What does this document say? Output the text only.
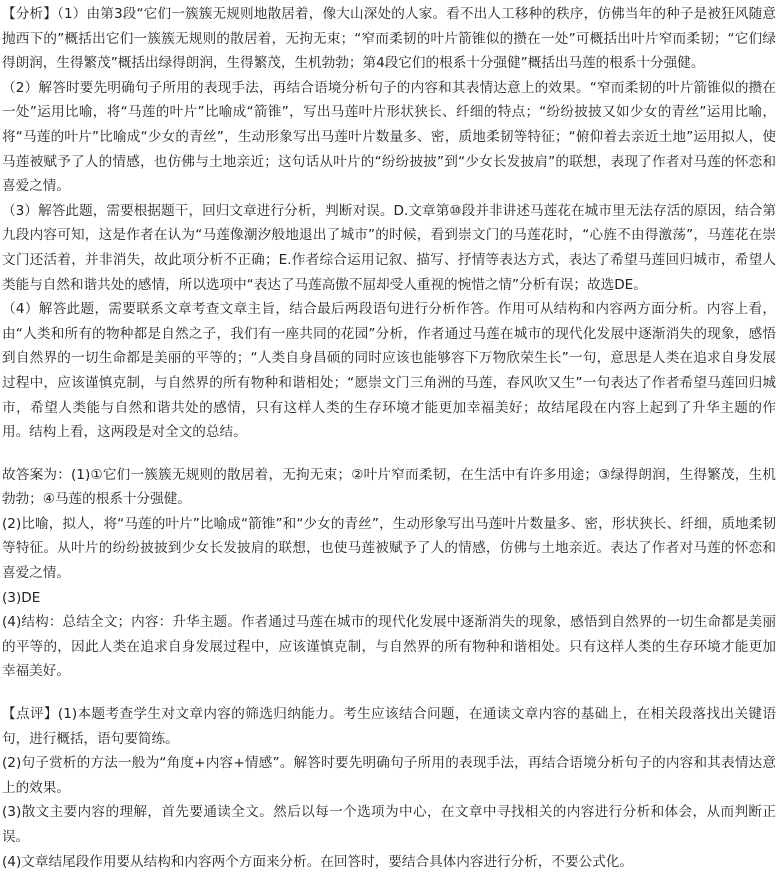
【分析】（1）由第3段“它们一簇簇无规则地散居着，像大山深处的人家。看不出人工移种的秩序，仿佛当年的种子是被狂风随意抛西下的”概括出它们一簇簇无规则的散居着，无拘无束；“窄而柔韧的叶片箭锥似的攒在一处”可概括出叶片窄而柔韧；“它们绿得朗润，生得繁茂”概括出绿得朗润，生得繁茂，生机勃勃；第4段它们的根系十分强健”概括出马莲的根系十分强健。

（2）解答时要先明确句子所用的表现手法，再结合语境分析句子的内容和其表情达意上的效果。“窄而柔韧的叶片箭锥似的攒在一处”运用比喻，将“马莲的叶片”比喻成“箭锥”，写出马莲叶片形状狭长、纤细的特点；“纷纷披披又如少女的青丝”运用比喻，将“马莲的叶片”比喻成“少女的青丝”，生动形象写出马莲叶片数量多、密，质地柔韧等特征；“俯仰着去亲近土地”运用拟人，使马莲被赋予了人的情感，也仿佛与土地亲近；这句话从叶片的“纷纷披披”到“少女长发披肩”的联想，表现了作者对马莲的怀恋和喜爱之情。

（3）解答此题，需要根据题干，回归文章进行分析，判断对误。D.文章第⑩段并非讲述马莲花在城市里无法存活的原因，结合第九段内容可知，这是作者在认为“马莲像潮汐般地退出了城市”的时候，看到崇文门的马莲花时，“心旌不由得激荡”，马莲花在崇文门还活着，并非消失，故此项分析不正确；E.作者综合运用记叙、描写、抒情等表达方式，表达了希望马莲回归城市，希望人类能与自然和谐共处的感情，所以选项中“表达了马莲高傲不屈却受人重视的惋惜之情”分析有误；故选DE。

（4）解答此题，需要联系文章考查文章主旨，结合最后两段语句进行分析作答。作用可从结构和内容两方面分析。内容上看，由“人类和所有的物种都是自然之子，我们有一座共同的花园”分析，作者通过马莲在城市的现代化发展中逐渐消失的现象，感悟到自然界的一切生命都是美丽的平等的；“人类自身昌硕的同时应该也能够容下万物欣荣生长”一句，意思是人类在追求自身发展过程中，应该谨慎克制，与自然界的所有物种和谐相处；“愿崇文门三角洲的马莲，春风吹又生”一句表达了作者希望马莲回归城市，希望人类能与自然和谐共处的感情，只有这样人类的生存环境才能更加幸福美好；故结尾段在内容上起到了升华主题的作用。结构上看，这两段是对全文的总结。

故答案为：(1)①它们一簇簇无规则的散居着，无拘无束；②叶片窄而柔韧，在生活中有许多用途；③绿得朗润，生得繁茂，生机勃勃；④马莲的根系十分强健。

(2)比喻，拟人，将“马莲的叶片”比喻成“箭锥”和“少女的青丝”，生动形象写出马莲叶片数量多、密，形状狭长、纤细，质地柔韧等特征。从叶片的纷纷披披到少女长发披肩的联想，也使马莲被赋予了人的情感，仿佛与土地亲近。表达了作者对马莲的怀恋和喜爱之情。

(3)DE

(4)结构：总结全文；内容：升华主题。作者通过马莲在城市的现代化发展中逐渐消失的现象，感悟到自然界的一切生命都是美丽的平等的，因此人类在追求自身发展过程中，应该谨慎克制，与自然界的所有物种和谐相处。只有这样人类的生存环境才能更加幸福美好。

【点评】(1)本题考查学生对文章内容的筛选归纳能力。考生应该结合问题，在通读文章内容的基础上，在相关段落找出关键语句，进行概括，语句要简练。

(2)句子赏析的方法一般为“角度+内容+情感”。解答时要先明确句子所用的表现手法，再结合语境分析句子的内容和其表情达意上的效果。

(3)散文主要内容的理解，首先要通读全文。然后以每一个选项为中心，在文章中寻找相关的内容进行分析和体会，从而判断正误。

(4)文章结尾段作用要从结构和内容两个方面来分析。在回答时，要结合具体内容进行分析，不要公式化。
